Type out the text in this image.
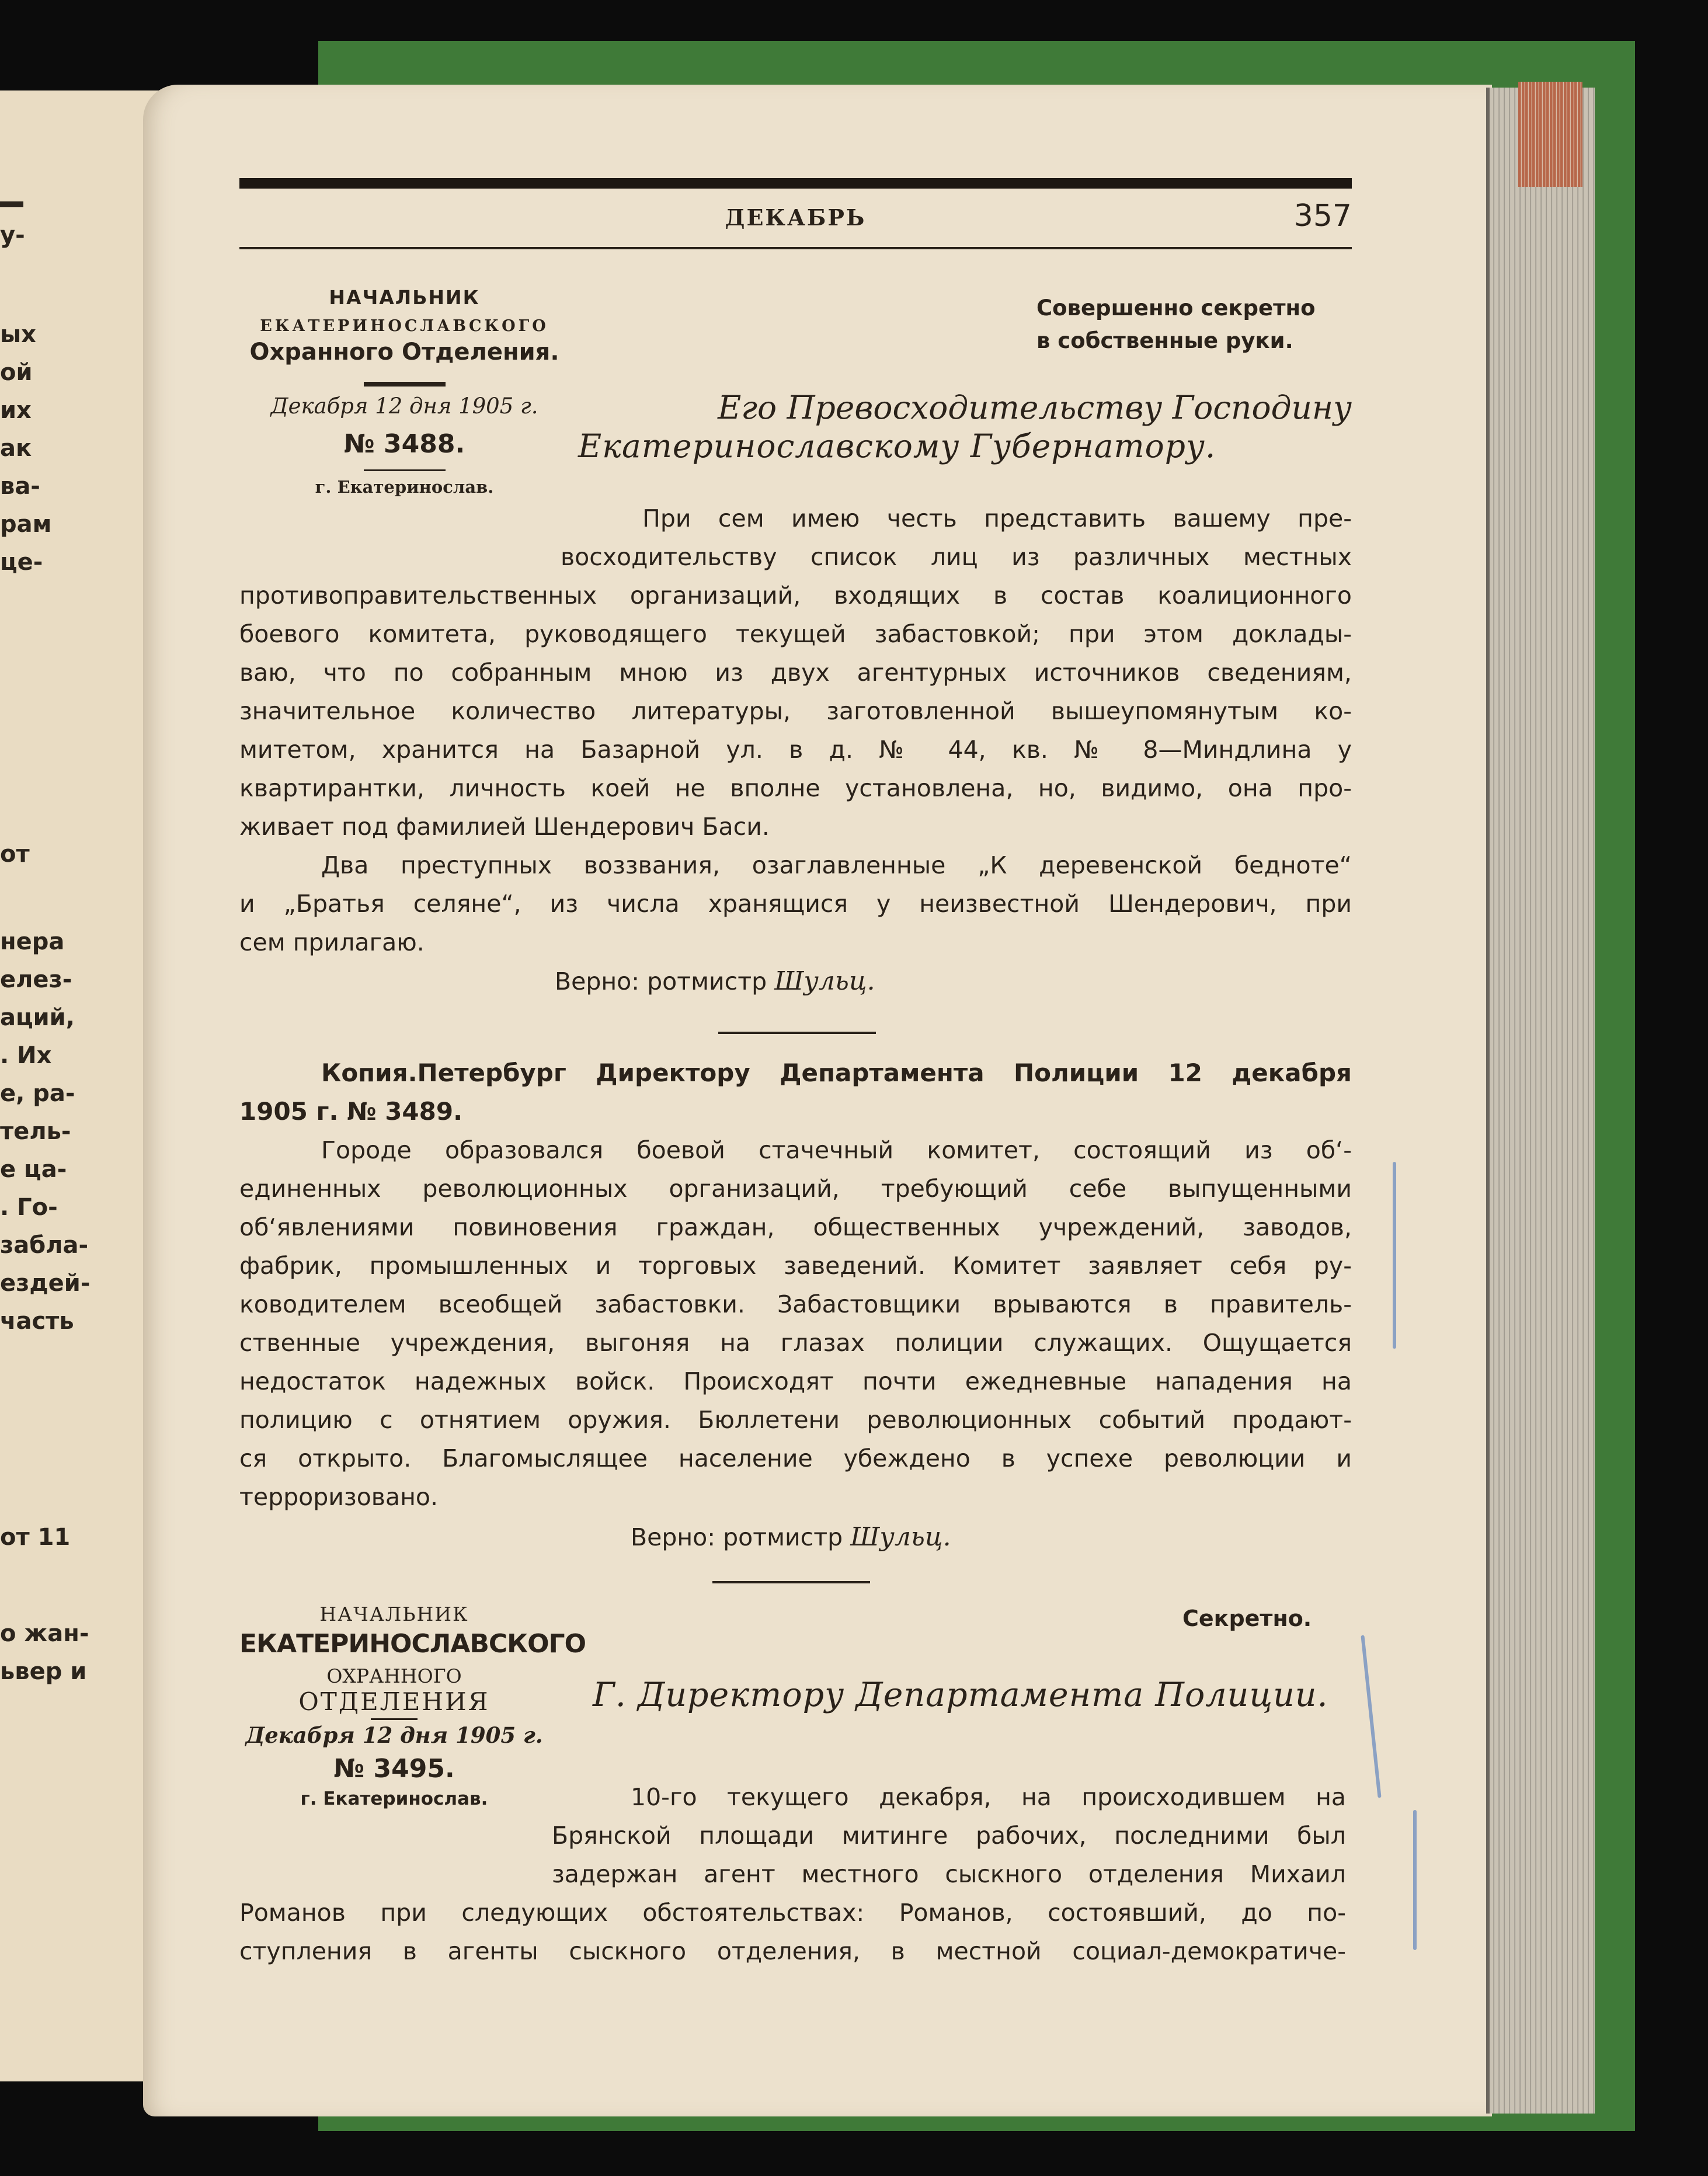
у-

ых

ой

их

ак

ва-

рам

це-

от

нера

елез-

аций,

. Их

е, ра-

тель-

е ца-

. Го-

забла-

ездей-

часть

от 11

о жан-

ьвер и

ДЕКАБРЬ	357
НАЧАЛЬНИК
ЕКАТЕРИНОСЛАВСКОГО
Охранного Отделения.
Декабря 12 дня 1905 г.
№ 3488.
г. Екатеринослав.
Совершенно секретно
в собственные руки.
Его Превосходительству Господину
Екатеринославскому Губернатору.

При сем имею честь представить вашему пре-

восходительству список лиц из различных местных

противоправительственных организаций, входящих в состав коалиционного

боевого комитета, руководящего текущей забастовкой; при этом доклады-

ваю, что по собранным мною из двух агентурных источников сведениям,

значительное количество литературы, заготовленной вышеупомянутым ко-

митетом, хранится на Базарной ул. в д. № 44, кв. № 8—Миндлина у

квартирантки, личность коей не вполне установлена, но, видимо, она про-

живает под фамилией Шендерович Баси.

Два преступных воззвания, озаглавленные „К деревенской бедноте“

и „Братья селяне“, из числа хранящися у неизвестной Шендерович, при

сем прилагаю.

Верно: ротмистр Шульц.

Копия.Петербург Директору Департамента Полиции 12 декабря

1905 г. № 3489.

Городе образовался боевой стачечный комитет, состоящий из об‘-

единенных революционных организаций, требующий себе выпущенными

об‘явлениями повиновения граждан, общественных учреждений, заводов,

фабрик, промышленных и торговых заведений. Комитет заявляет себя ру-

ководителем всеобщей забастовки. Забастовщики врываются в правитель-

ственные учреждения, выгоняя на глазах полиции служащих. Ощущается

недостаток надежных войск. Происходят почти ежедневные нападения на

полицию с отнятием оружия. Бюллетени революционных событий продают-

ся открыто. Благомыслящее население убеждено в успехе революции и

терроризовано.

Верно: ротмистр Шульц.
НАЧАЛЬНИК
ЕКАТЕРИНОСЛАВСКОГО
ОХРАННОГО
ОТДЕЛЕНИЯ
Декабря 12 дня 1905 г.
№ 3495.
г. Екатеринослав.
Секретно.
Г. Директору Департамента Полиции.

10-го текущего декабря, на происходившем на

Брянской площади митинге рабочих, последними был

задержан агент местного сыскного отделения Михаил

Романов при следующих обстоятельствах: Романов, состоявший, до по-

ступления в агенты сыскного отделения, в местной социал-демократиче-
